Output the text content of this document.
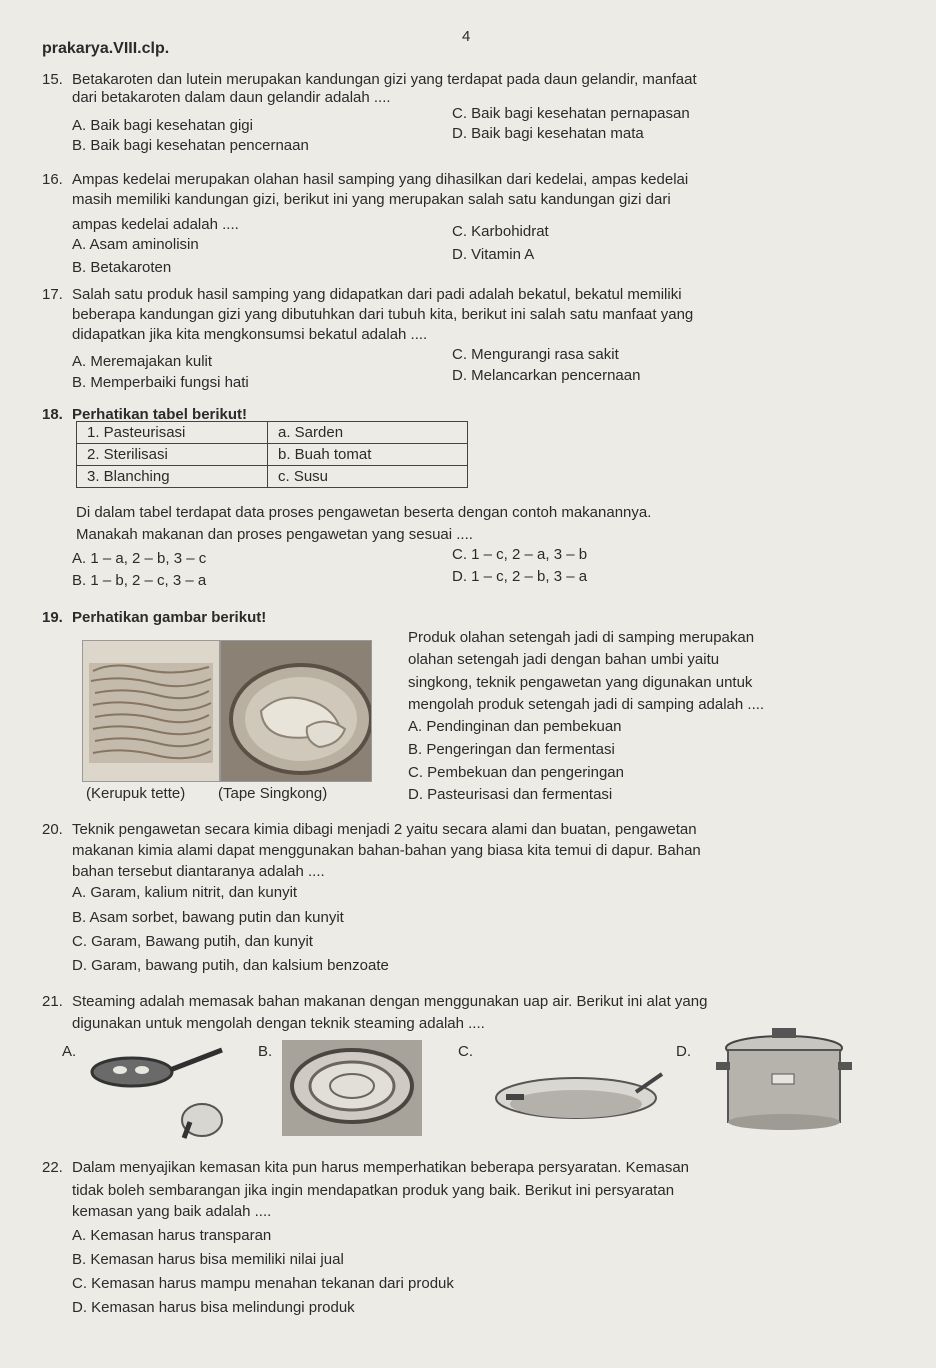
4
prakarya.VIII.clp.
15. Betakaroten dan lutein merupakan kandungan gizi yang terdapat pada daun gelandir, manfaat
dari betakaroten dalam daun gelandir adalah ....
A. Baik bagi kesehatan gigi
B. Baik bagi kesehatan pencernaan
C. Baik bagi kesehatan pernapasan
D. Baik bagi kesehatan mata
16. Ampas kedelai merupakan olahan hasil samping yang dihasilkan dari kedelai, ampas kedelai
masih memiliki kandungan gizi, berikut ini yang merupakan salah satu kandungan gizi dari
ampas kedelai adalah ....
A. Asam aminolisin
B. Betakaroten
C. Karbohidrat
D. Vitamin A
17. Salah satu produk hasil samping yang didapatkan dari padi adalah bekatul, bekatul memiliki
beberapa kandungan gizi yang dibutuhkan dari tubuh kita, berikut ini salah satu manfaat yang
didapatkan jika kita mengkonsumsi bekatul adalah ....
A. Meremajakan kulit
B. Memperbaiki fungsi hati
C. Mengurangi rasa sakit
D. Melancarkan pencernaan
18. Perhatikan tabel berikut!
1. Pasteurisasi	a. Sarden
2. Sterilisasi	b. Buah tomat
3. Blanching	c. Susu
Di dalam tabel terdapat data proses pengawetan beserta dengan contoh makanannya.
Manakah makanan dan proses pengawetan yang sesuai ....
A. 1 – a, 2 – b, 3 – c
B. 1 – b, 2 – c, 3 – a
C. 1 – c, 2 – a, 3 – b
D. 1 – c, 2 – b, 3 – a
19. Perhatikan gambar berikut!
(Kerupuk tette) (Tape Singkong)
Produk olahan setengah jadi di samping merupakan
olahan setengah jadi dengan bahan umbi yaitu
singkong, teknik pengawetan yang digunakan untuk
mengolah produk setengah jadi di samping adalah ....
A. Pendinginan dan pembekuan
B. Pengeringan dan fermentasi
C. Pembekuan dan pengeringan
D. Pasteurisasi dan fermentasi
20. Teknik pengawetan secara kimia dibagi menjadi 2 yaitu secara alami dan buatan, pengawetan
makanan kimia alami dapat menggunakan bahan-bahan yang biasa kita temui di dapur. Bahan
bahan tersebut diantaranya adalah ....
A. Garam, kalium nitrit, dan kunyit
B. Asam sorbet, bawang putin dan kunyit
C. Garam, Bawang putih, dan kunyit
D. Garam, bawang putih, dan kalsium benzoate
21. Steaming adalah memasak bahan makanan dengan menggunakan uap air. Berikut ini alat yang
digunakan untuk mengolah dengan teknik steaming adalah ....
A.	B.	C.	D.
22. Dalam menyajikan kemasan kita pun harus memperhatikan beberapa persyaratan. Kemasan
tidak boleh sembarangan jika ingin mendapatkan produk yang baik. Berikut ini persyaratan
kemasan yang baik adalah ....
A. Kemasan harus transparan
B. Kemasan harus bisa memiliki nilai jual
C. Kemasan harus mampu menahan tekanan dari produk
D. Kemasan harus bisa melindungi produk
